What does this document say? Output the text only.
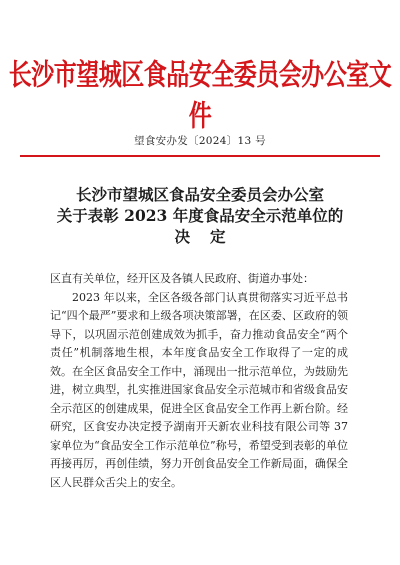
长沙市望城区食品安全委员会办公室文件
望食安办发〔2024〕13 号
长沙市望城区食品安全委员会办公室
关于表彰 2023 年度食品安全示范单位的
决定

区直有关单位，经开区及各镇人民政府、街道办事处：

2023 年以来，全区各级各部门认真贯彻落实习近平总书记“四个最严”要求和上级各项决策部署，在区委、区政府的领导下，以巩固示范创建成效为抓手，奋力推动食品安全“两个责任”机制落地生根，本年度食品安全工作取得了一定的成效。在全区食品安全工作中，涌现出一批示范单位，为鼓励先进，树立典型，扎实推进国家食品安全示范城市和省级食品安全示范区的创建成果，促进全区食品安全工作再上新台阶。经研究，区食安办决定授予湖南开天新农业科技有限公司等 37 家单位为“食品安全工作示范单位”称号，希望受到表彰的单位再接再厉，再创佳绩，努力开创食品安全工作新局面，确保全区人民群众舌尖上的安全。
